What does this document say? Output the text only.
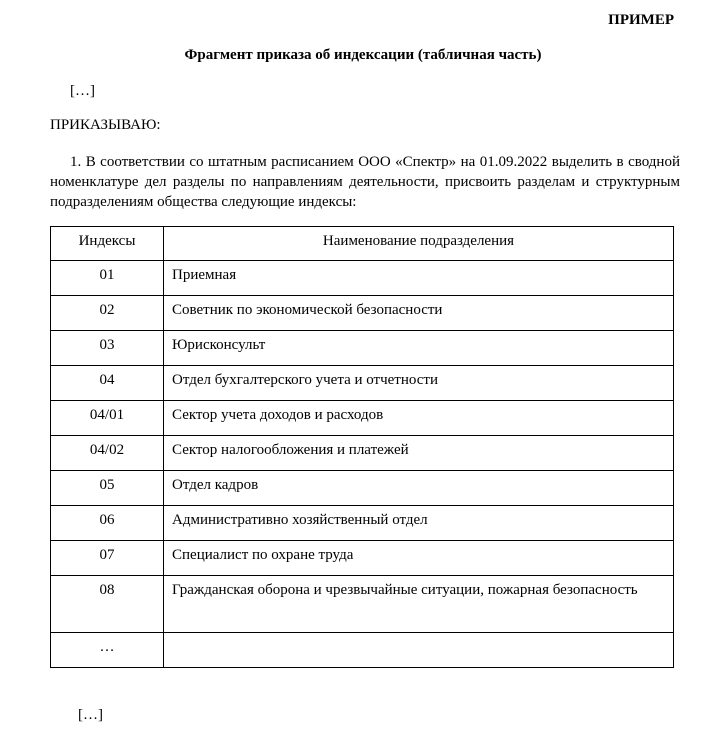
ПРИМЕР
Фрагмент приказа об индексации (табличная часть)
[…]
ПРИКАЗЫВАЮ:
1. В соответствии со штатным расписанием ООО «Спектр» на 01.09.2022 выделить в сводной номенклатуре дел разделы по направлениям деятельности, присвоить разделам и структурным подразделениям общества следующие индексы:
Индексы	Наименование подразделения
01	Приемная
02	Советник по экономической безопасности
03	Юрисконсульт
04	Отдел бухгалтерского учета и отчетности
04/01	Сектор учета доходов и расходов
04/02	Сектор налогообложения и платежей
05	Отдел кадров
06	Административно хозяйственный отдел
07	Специалист по охране труда
08	Гражданская оборона и чрезвычайные ситуации, пожарная безопасность
…	
[…]
